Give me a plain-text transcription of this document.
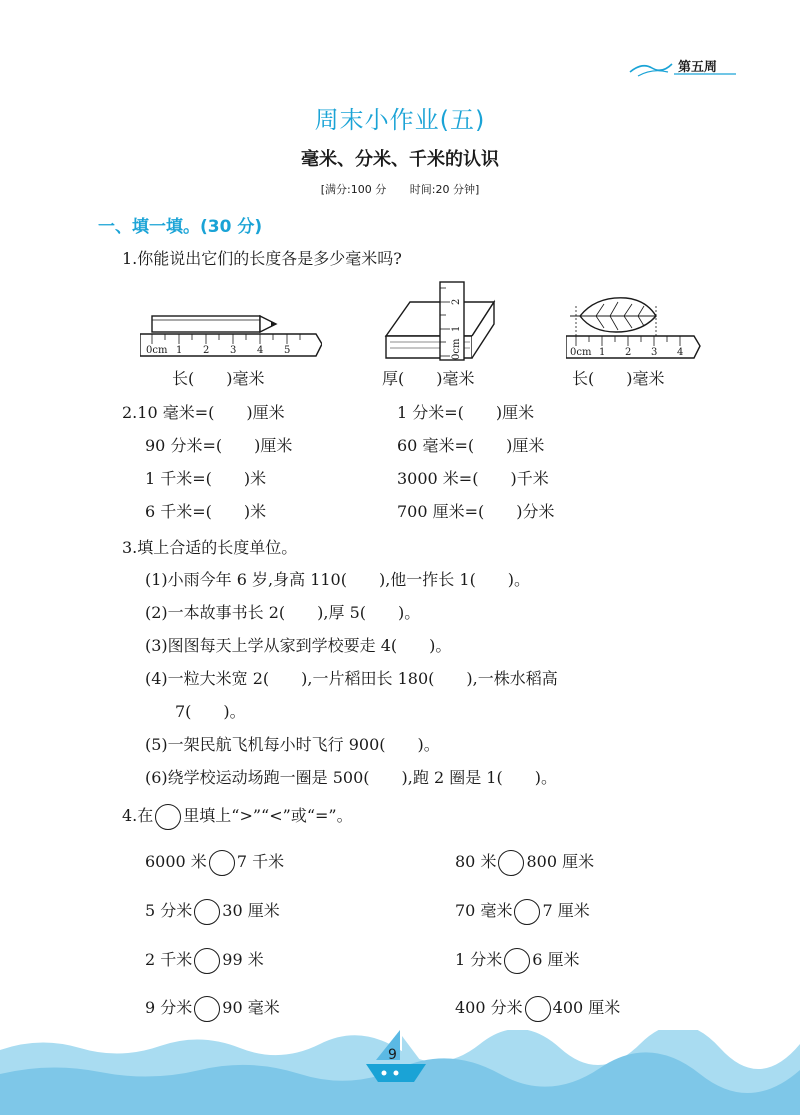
第五周
周末小作业(五)
毫米、分米、千米的认识
[满分:100 分 时间:20 分钟]
一、填一填。(30 分)
1.你能说出它们的长度各是多少毫米吗?
0cm 1 2 3 4 5	0cm
1
2
0cm 1 2 3 4
长(　　)毫米	厚(　　)毫米	长(　　)毫米
2.10 毫米=(　　)厘米	1 分米=(　　)厘米
90 分米=(　　)厘米	60 毫米=(　　)厘米
1 千米=(　　)米	3000 米=(　　)千米
6 千米=(　　)米	700 厘米=(　　)分米
3.填上合适的长度单位。
(1)小雨今年 6 岁,身高 110(　　),他一拃长 1(　　)。
(2)一本故事书长 2(　　),厚 5(　　)。
(3)图图每天上学从家到学校要走 4(　　)。
(4)一粒大米宽 2(　　),一片稻田长 180(　　),一株水稻高
7(　　)。
(5)一架民航飞机每小时飞行 900(　　)。
(6)绕学校运动场跑一圈是 500(　　),跑 2 圈是 1(　　)。
4.在 里填上“>”“<”或“=”。
6000 米 7 千米	80 米 800 厘米
5 分米 30 厘米	70 毫米 7 厘米
2 千米 99 米	1 分米 6 厘米
9 分米 90 毫米	400 分米 400 厘米
9
